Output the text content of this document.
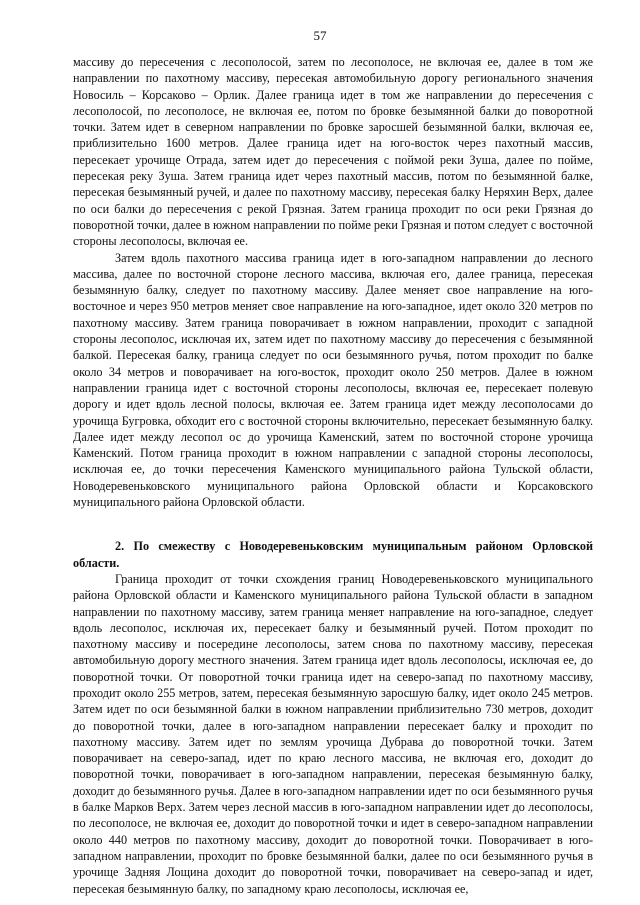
57

массиву до пересечения с лесополосой, затем по лесополосе, не включая ее, далее в том же направлении по пахотному массиву, пересекая автомобильную дорогу регионального значения Новосиль – Корсаково – Орлик. Далее граница идет в том же направлении до пересечения с лесополосой, по лесополосе, не включая ее, потом по бровке безымянной балки до поворотной точки. Затем идет в северном направлении по бровке заросшей безымянной балки, включая ее, приблизительно 1600 метров. Далее граница идет на юго-восток через пахотный массив, пересекает урочище Отрада, затем идет до пересечения с поймой реки Зуша, далее по пойме, пересекая реку Зуша. Затем граница идет через пахотный массив, потом по безымянной балке, пересекая безымянный ручей, и далее по пахотному массиву, пересекая балку Неряхин Верх, далее по оси балки до пересечения с рекой Грязная. Затем граница проходит по оси реки Грязная до поворотной точки, далее в южном направлении по пойме реки Грязная и потом следует с восточной стороны лесополосы, включая ее.

Затем вдоль пахотного массива граница идет в юго-западном направлении до лесного массива, далее по восточной стороне лесного массива, включая его, далее граница, пересекая безымянную балку, следует по пахотному массиву. Далее меняет свое направление на юго-восточное и через 950 метров меняет свое направление на юго-западное, идет около 320 метров по пахотному массиву. Затем граница поворачивает в южном направлении, проходит с западной стороны лесополос, исключая их, затем идет по пахотному массиву до пересечения с безымянной балкой. Пересекая балку, граница следует по оси безымянного ручья, потом проходит по балке около 34 метров и поворачивает на юго-восток, проходит около 250 метров. Далее в южном направлении граница идет с восточной стороны лесополосы, включая ее, пересекает полевую дорогу и идет вдоль лесной полосы, включая ее. Затем граница идет между лесополосами до урочища Бугровка, обходит его с восточной стороны включительно, пересекает безымянную балку. Далее идет между лесопол ос до урочища Каменский, затем по восточной стороне урочища Каменский. Потом граница проходит в южном направлении с западной стороны лесополосы, исключая ее, до точки пересечения Каменского муниципального района Тульской области, Новодеревеньковского муниципального района Орловской области и Корсаковского муниципального района Орловской области.

2. По смежеству с Новодеревеньковским муниципальным районом Орловской области.

Граница проходит от точки схождения границ Новодеревеньковского муниципального района Орловской области и Каменского муниципального района Тульской области в западном направлении по пахотному массиву, затем граница меняет направление на юго-западное, следует вдоль лесополос, исключая их, пересекает балку и безымянный ручей. Потом проходит по пахотному массиву и посередине лесополосы, затем снова по пахотному массиву, пересекая автомобильную дорогу местного значения. Затем граница идет вдоль лесополосы, исключая ее, до поворотной точки. От поворотной точки граница идет на северо-запад по пахотному массиву, проходит около 255 метров, затем, пересекая безымянную заросшую балку, идет около 245 метров. Затем идет по оси безымянной балки в южном направлении приблизительно 730 метров, доходит до поворотной точки, далее в юго-западном направлении пересекает балку и проходит по пахотному массиву. Затем идет по землям урочища Дубрава до поворотной точки. Затем поворачивает на северо-запад, идет по краю лесного массива, не включая его, доходит до поворотной точки, поворачивает в юго-западном направлении, пересекая безымянную балку, доходит до безымянного ручья. Далее в юго-западном направлении идет по оси безымянного ручья в балке Марков Верх. Затем через лесной массив в юго-западном направлении идет до лесополосы, по лесополосе, не включая ее, доходит до поворотной точки и идет в северо-западном направлении около 440 метров по пахотному массиву, доходит до поворотной точки. Поворачивает в юго-западном направлении, проходит по бровке безымянной балки, далее по оси безымянного ручья в урочище Задняя Лощина доходит до поворотной точки, поворачивает на северо-запад и идет, пересекая безымянную балку, по западному краю лесополосы, исключая ее,
